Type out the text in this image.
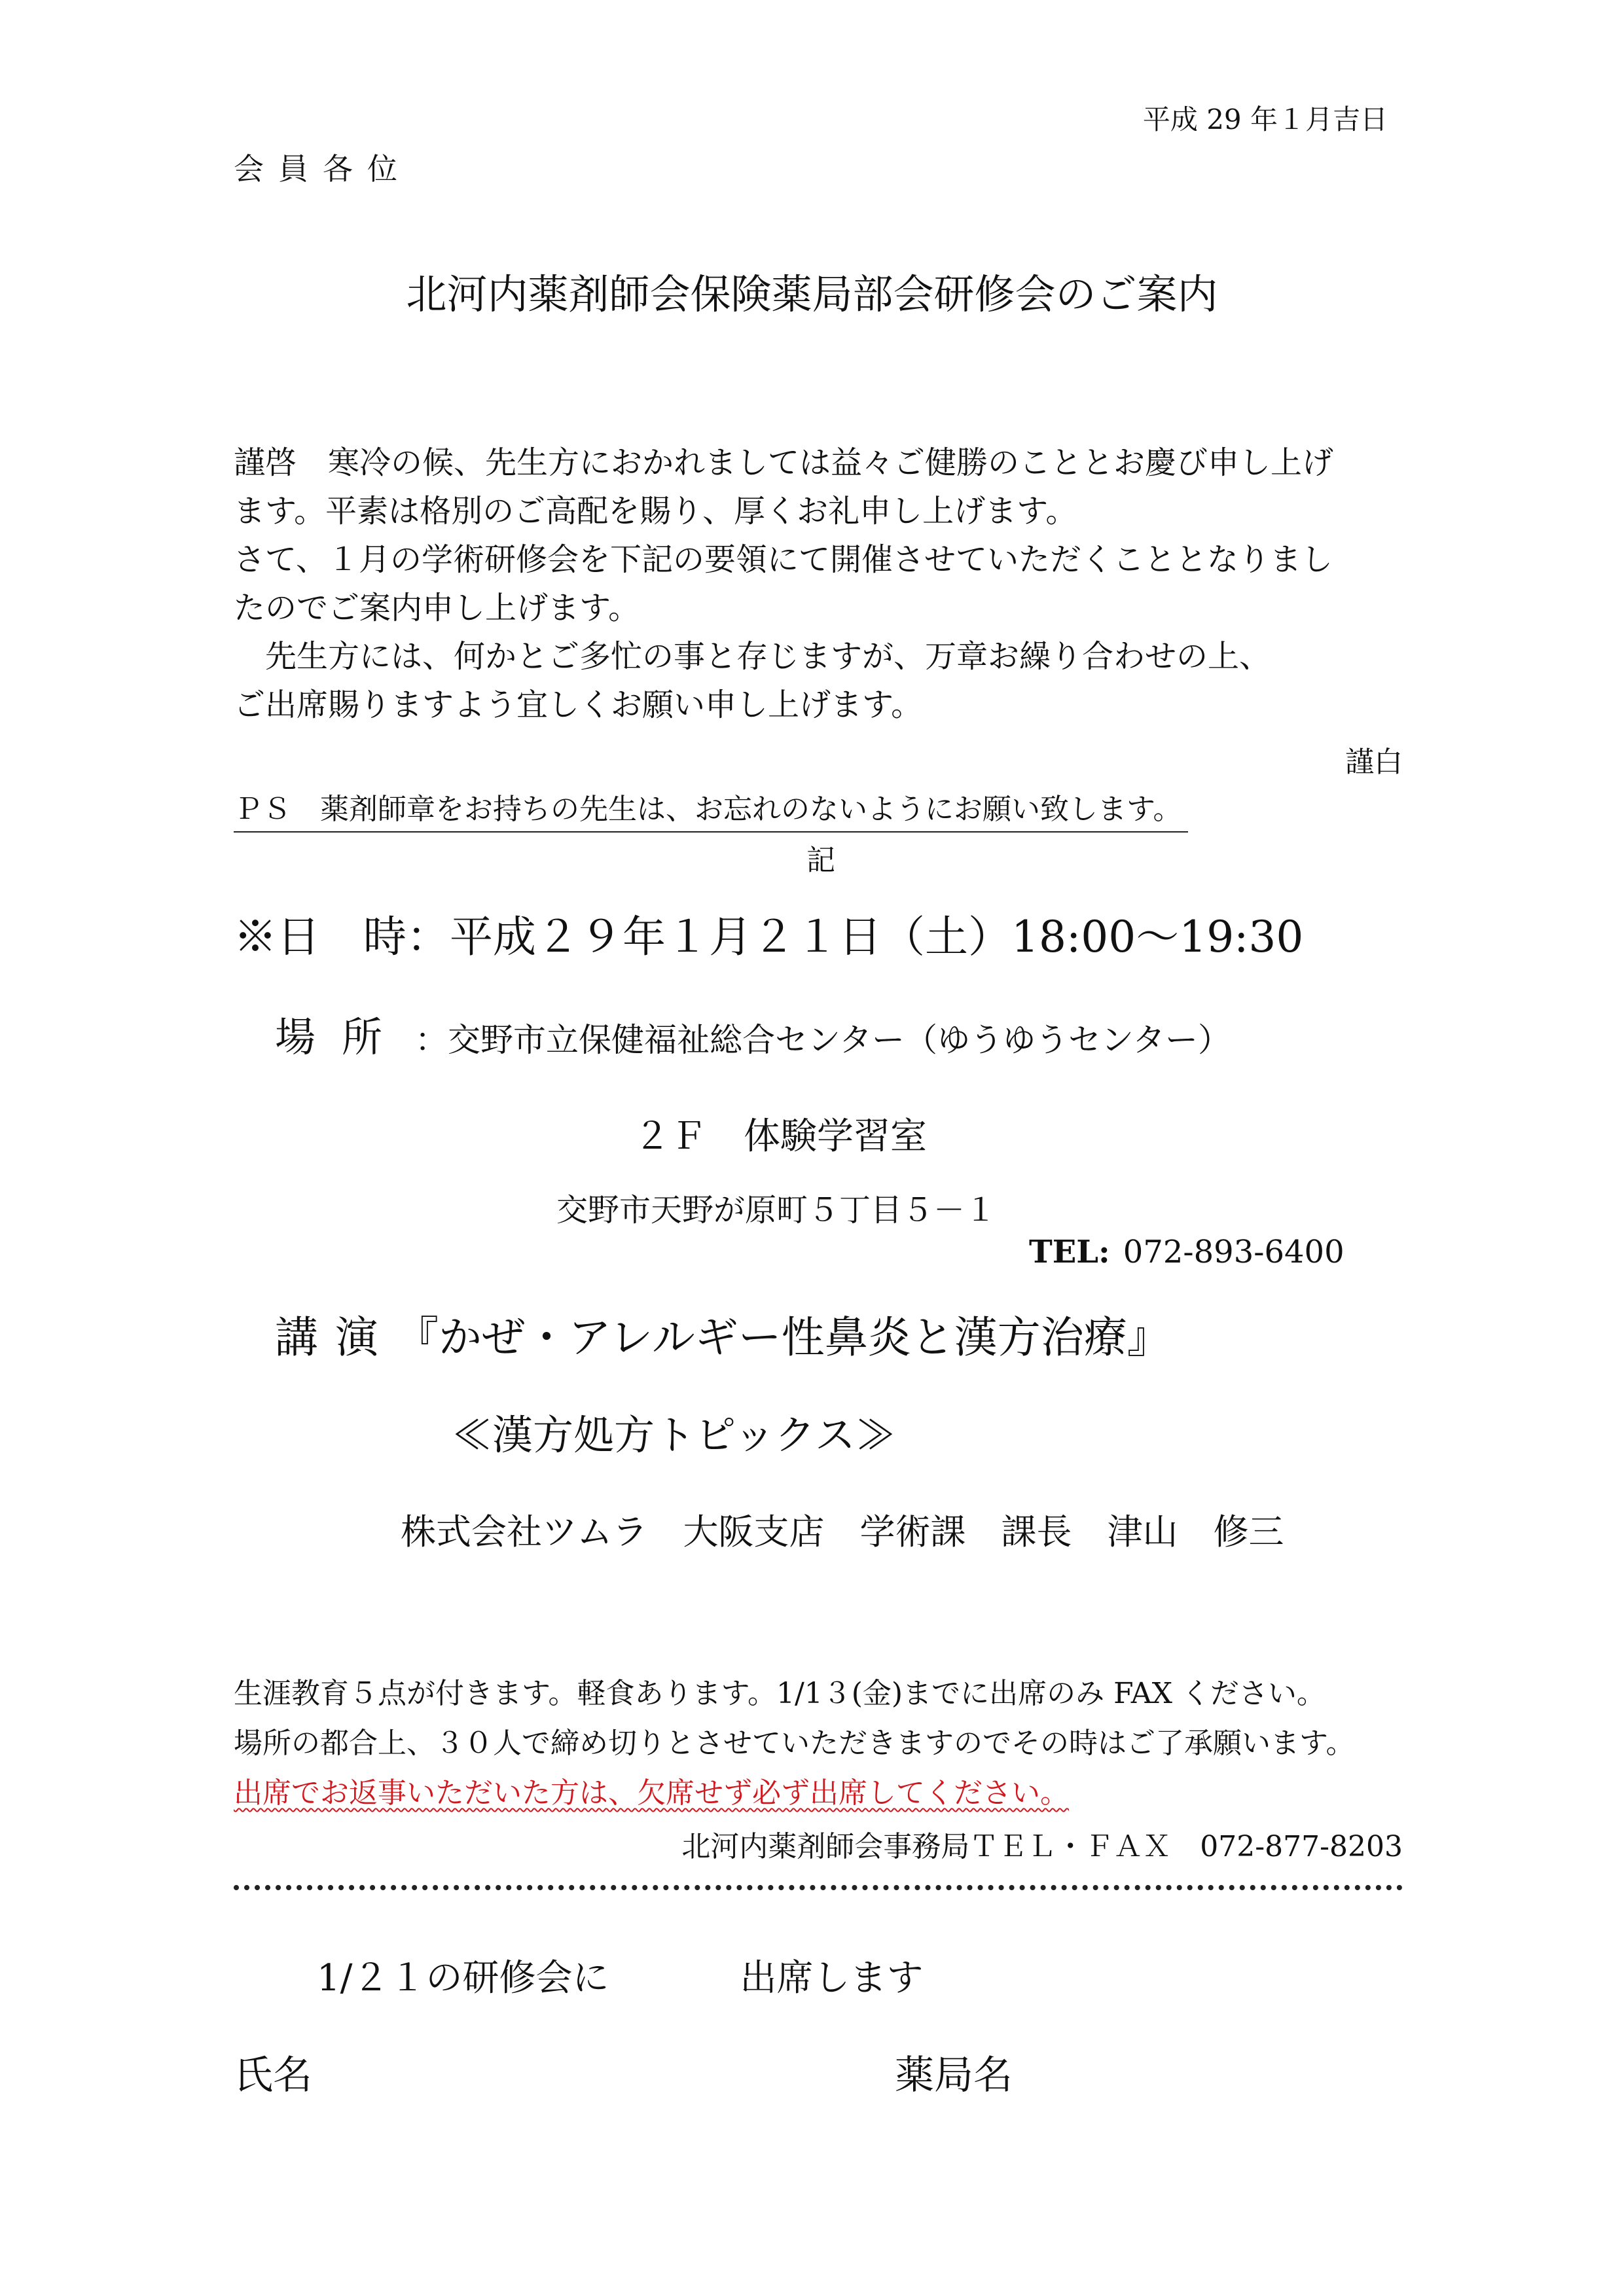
平成 29 年１月吉日
会員各位
北河内薬剤師会保険薬局部会研修会のご案内

謹啓　寒冷の候、先生方におかれましては益々ご健勝のこととお慶び申し上げ

ます。平素は格別のご高配を賜り、厚くお礼申し上げます。

さて、１月の学術研修会を下記の要領にて開催させていただくこととなりまし

たのでご案内申し上げます。

　先生方には、何かとご多忙の事と存じますが、万章お繰り合わせの上、

ご出席賜りますよう宜しくお願い申し上げます。

謹白
ＰＳ　薬剤師章をお持ちの先生は、お忘れのないようにお願い致します。
記
※日　時：平成２９年１月２１日（土）18:00～19:30
場所 ：交野市立保健福祉総合センター（ゆうゆうセンター）
２Ｆ　体験学習室
交野市天野が原町５丁目５－１
TEL: 072-893-6400
講演『かぜ・アレルギー性鼻炎と漢方治療』
≪漢方処方トピックス≫
株式会社ツムラ　大阪支店　学術課　課長　津山　修三

生涯教育５点が付きます。軽食あります。1/1３(金)までに出席のみ FAX ください。

場所の都合上、３０人で締め切りとさせていただきますのでその時はご了承願います。

出席でお返事いただいた方は、欠席せず必ず出席してください。

北河内薬剤師会事務局ＴＥＬ・ＦＡＸ　072-877-8203
1/２１の研修会に	出席します
氏名	薬局名
